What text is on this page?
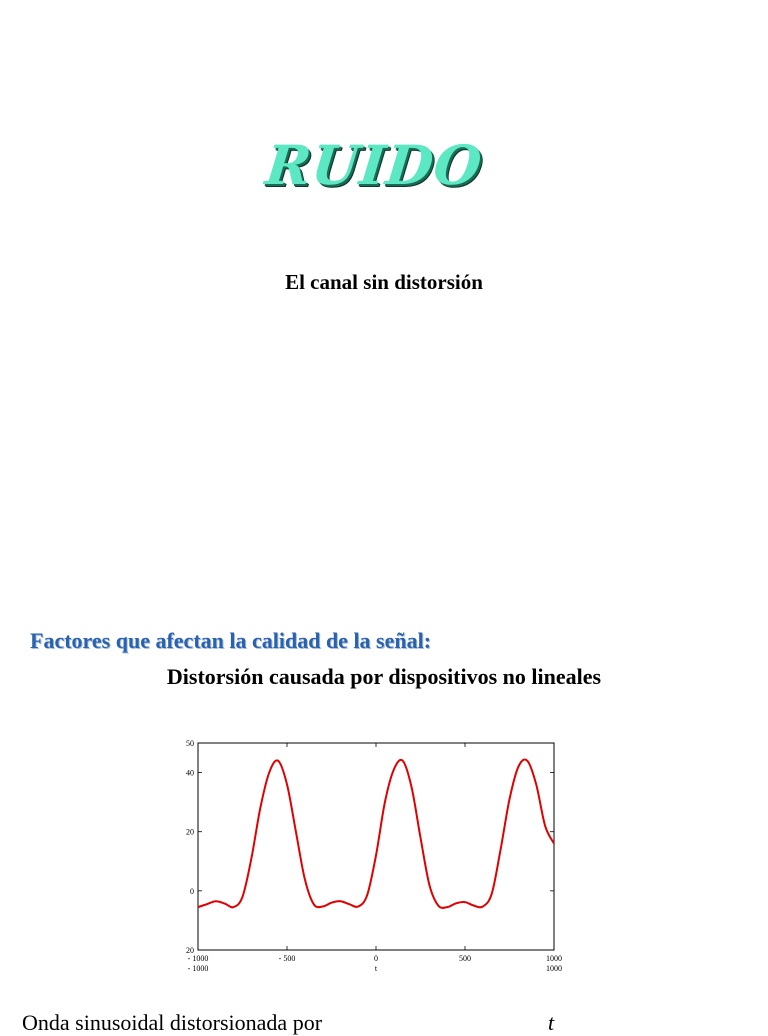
RUIDO
El canal sin distorsión
Factores que afectan la calidad de la señal:
Distorsión causada por dispositivos no lineales
50
40
20
0
20
- 1000	- 500	0	500	1000
- 1000	1000
t
Onda sinusoidal distorsionada por	t
